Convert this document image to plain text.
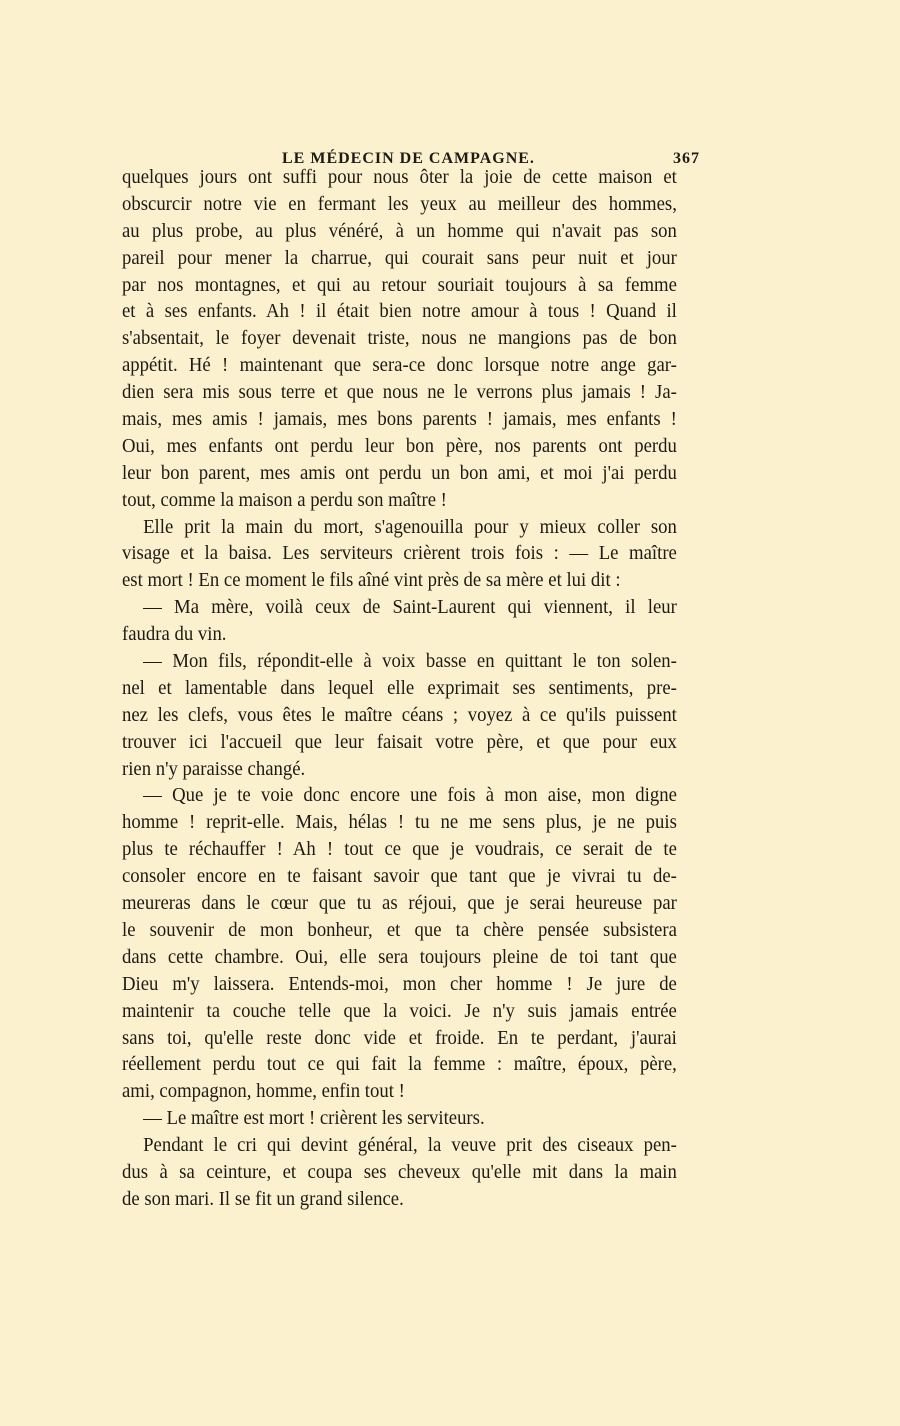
LE MÉDECIN DE CAMPAGNE.	367
quelques jours ont suffi pour nous ôter la joie de cette maison et
obscurcir notre vie en fermant les yeux au meilleur des hommes,
au plus probe, au plus vénéré, à un homme qui n'avait pas son
pareil pour mener la charrue, qui courait sans peur nuit et jour
par nos montagnes, et qui au retour souriait toujours à sa femme
et à ses enfants. Ah ! il était bien notre amour à tous ! Quand il
s'absentait, le foyer devenait triste, nous ne mangions pas de bon
appétit. Hé ! maintenant que sera-ce donc lorsque notre ange gar-
dien sera mis sous terre et que nous ne le verrons plus jamais ! Ja-
mais, mes amis ! jamais, mes bons parents ! jamais, mes enfants !
Oui, mes enfants ont perdu leur bon père, nos parents ont perdu
leur bon parent, mes amis ont perdu un bon ami, et moi j'ai perdu
tout, comme la maison a perdu son maître !
Elle prit la main du mort, s'agenouilla pour y mieux coller son
visage et la baisa. Les serviteurs crièrent trois fois : — Le maître
est mort ! En ce moment le fils aîné vint près de sa mère et lui dit :
— Ma mère, voilà ceux de Saint-Laurent qui viennent, il leur
faudra du vin.
— Mon fils, répondit-elle à voix basse en quittant le ton solen-
nel et lamentable dans lequel elle exprimait ses sentiments, pre-
nez les clefs, vous êtes le maître céans ; voyez à ce qu'ils puissent
trouver ici l'accueil que leur faisait votre père, et que pour eux
rien n'y paraisse changé.
— Que je te voie donc encore une fois à mon aise, mon digne
homme ! reprit-elle. Mais, hélas ! tu ne me sens plus, je ne puis
plus te réchauffer ! Ah ! tout ce que je voudrais, ce serait de te
consoler encore en te faisant savoir que tant que je vivrai tu de-
meureras dans le cœur que tu as réjoui, que je serai heureuse par
le souvenir de mon bonheur, et que ta chère pensée subsistera
dans cette chambre. Oui, elle sera toujours pleine de toi tant que
Dieu m'y laissera. Entends-moi, mon cher homme ! Je jure de
maintenir ta couche telle que la voici. Je n'y suis jamais entrée
sans toi, qu'elle reste donc vide et froide. En te perdant, j'aurai
réellement perdu tout ce qui fait la femme : maître, époux, père,
ami, compagnon, homme, enfin tout !
— Le maître est mort ! crièrent les serviteurs.
Pendant le cri qui devint général, la veuve prit des ciseaux pen-
dus à sa ceinture, et coupa ses cheveux qu'elle mit dans la main
de son mari. Il se fit un grand silence.
